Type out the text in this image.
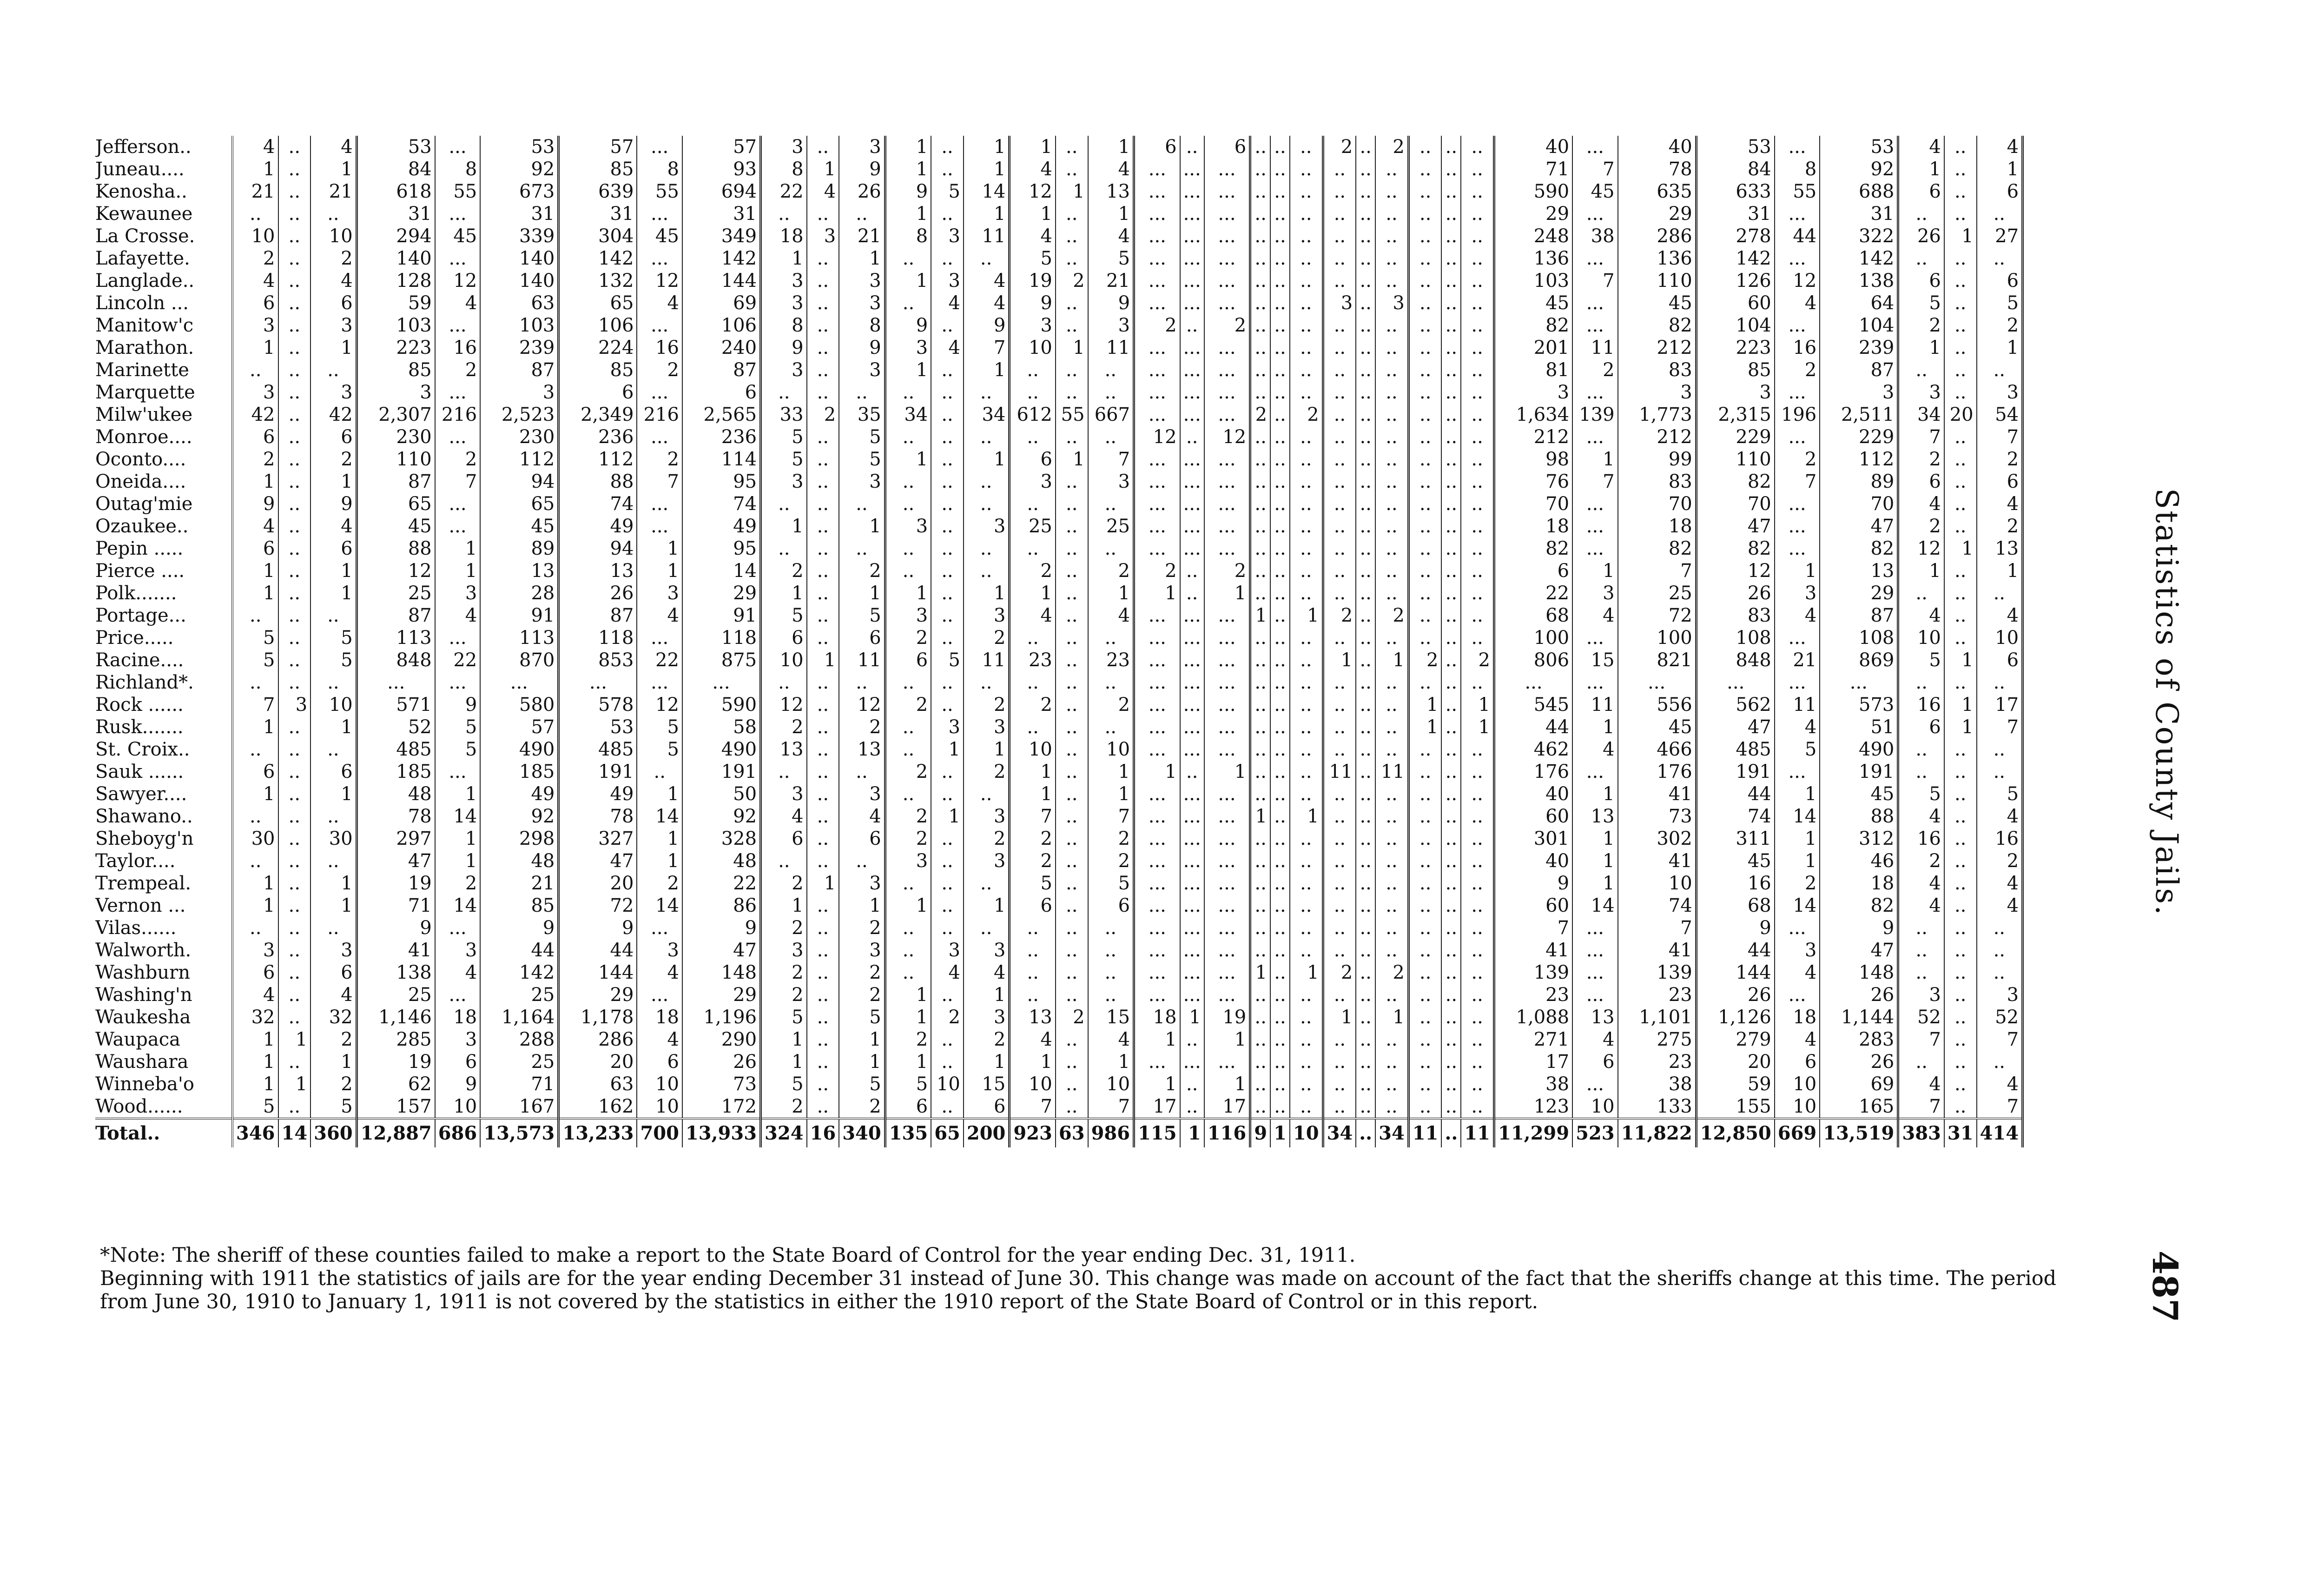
Jefferson..	4	..	4	53	...	53	57	...	57	3	..	3	1	..	1	1	..	1	6	..	6	..	..	..	2	..	2	..	..	..	40	...	40	53	...	53	4	..	4
Juneau....	1	..	1	84	8	92	85	8	93	8	1	9	1	..	1	4	..	4	...	...	...	..	..	..	..	..	..	..	..	..	71	7	78	84	8	92	1	..	1
Kenosha..	21	..	21	618	55	673	639	55	694	22	4	26	9	5	14	12	1	13	...	...	...	..	..	..	..	..	..	..	..	..	590	45	635	633	55	688	6	..	6
Kewaunee	..	..	..	31	...	31	31	...	31	..	..	..	1	..	1	1	..	1	...	...	...	..	..	..	..	..	..	..	..	..	29	...	29	31	...	31	..	..	..
La Crosse.	10	..	10	294	45	339	304	45	349	18	3	21	8	3	11	4	..	4	...	...	...	..	..	..	..	..	..	..	..	..	248	38	286	278	44	322	26	1	27
Lafayette.	2	..	2	140	...	140	142	...	142	1	..	1	..	..	..	5	..	5	...	...	...	..	..	..	..	..	..	..	..	..	136	...	136	142	...	142	..	..	..
Langlade..	4	..	4	128	12	140	132	12	144	3	..	3	1	3	4	19	2	21	...	...	...	..	..	..	..	..	..	..	..	..	103	7	110	126	12	138	6	..	6
Lincoln ...	6	..	6	59	4	63	65	4	69	3	..	3	..	4	4	9	..	9	...	...	...	..	..	..	3	..	3	..	..	..	45	...	45	60	4	64	5	..	5
Manitow'c	3	..	3	103	...	103	106	...	106	8	..	8	9	..	9	3	..	3	2	..	2	..	..	..	..	..	..	..	..	..	82	...	82	104	...	104	2	..	2
Marathon.	1	..	1	223	16	239	224	16	240	9	..	9	3	4	7	10	1	11	...	...	...	..	..	..	..	..	..	..	..	..	201	11	212	223	16	239	1	..	1
Marinette	..	..	..	85	2	87	85	2	87	3	..	3	1	..	1	..	..	..	...	...	...	..	..	..	..	..	..	..	..	..	81	2	83	85	2	87	..	..	..
Marquette	3	..	3	3	...	3	6	...	6	..	..	..	..	..	..	..	..	..	...	...	...	..	..	..	..	..	..	..	..	..	3	...	3	3	...	3	3	..	3
Milw'ukee	42	..	42	2,307	216	2,523	2,349	216	2,565	33	2	35	34	..	34	612	55	667	...	...	...	2	..	2	..	..	..	..	..	..	1,634	139	1,773	2,315	196	2,511	34	20	54
Monroe....	6	..	6	230	...	230	236	...	236	5	..	5	..	..	..	..	..	..	12	..	12	..	..	..	..	..	..	..	..	..	212	...	212	229	...	229	7	..	7
Oconto....	2	..	2	110	2	112	112	2	114	5	..	5	1	..	1	6	1	7	...	...	...	..	..	..	..	..	..	..	..	..	98	1	99	110	2	112	2	..	2
Oneida....	1	..	1	87	7	94	88	7	95	3	..	3	..	..	..	3	..	3	...	...	...	..	..	..	..	..	..	..	..	..	76	7	83	82	7	89	6	..	6
Outag'mie	9	..	9	65	...	65	74	...	74	..	..	..	..	..	..	..	..	..	...	...	...	..	..	..	..	..	..	..	..	..	70	...	70	70	...	70	4	..	4
Ozaukee..	4	..	4	45	...	45	49	...	49	1	..	1	3	..	3	25	..	25	...	...	...	..	..	..	..	..	..	..	..	..	18	...	18	47	...	47	2	..	2
Pepin .....	6	..	6	88	1	89	94	1	95	..	..	..	..	..	..	..	..	..	...	...	...	..	..	..	..	..	..	..	..	..	82	...	82	82	...	82	12	1	13
Pierce ....	1	..	1	12	1	13	13	1	14	2	..	2	..	..	..	2	..	2	2	..	2	..	..	..	..	..	..	..	..	..	6	1	7	12	1	13	1	..	1
Polk.......	1	..	1	25	3	28	26	3	29	1	..	1	1	..	1	1	..	1	1	..	1	..	..	..	..	..	..	..	..	..	22	3	25	26	3	29	..	..	..
Portage...	..	..	..	87	4	91	87	4	91	5	..	5	3	..	3	4	..	4	...	...	...	1	..	1	2	..	2	..	..	..	68	4	72	83	4	87	4	..	4
Price.....	5	..	5	113	...	113	118	...	118	6	..	6	2	..	2	..	..	..	...	...	...	..	..	..	..	..	..	..	..	..	100	...	100	108	...	108	10	..	10
Racine....	5	..	5	848	22	870	853	22	875	10	1	11	6	5	11	23	..	23	...	...	...	..	..	..	1	..	1	2	..	2	806	15	821	848	21	869	5	1	6
Richland*.	..	..	..	...	...	...	...	...	...	..	..	..	..	..	..	..	..	..	...	...	...	..	..	..	..	..	..	..	..	..	...	...	...	...	...	...	..	..	..
Rock ......	7	3	10	571	9	580	578	12	590	12	..	12	2	..	2	2	..	2	...	...	...	..	..	..	..	..	..	1	..	1	545	11	556	562	11	573	16	1	17
Rusk.......	1	..	1	52	5	57	53	5	58	2	..	2	..	3	3	..	..	..	...	...	...	..	..	..	..	..	..	1	..	1	44	1	45	47	4	51	6	1	7
St. Croix..	..	..	..	485	5	490	485	5	490	13	..	13	..	1	1	10	..	10	...	...	...	..	..	..	..	..	..	..	..	..	462	4	466	485	5	490	..	..	..
Sauk ......	6	..	6	185	...	185	191	..	191	..	..	..	2	..	2	1	..	1	1	..	1	..	..	..	11	..	11	..	..	..	176	...	176	191	...	191	..	..	..
Sawyer....	1	..	1	48	1	49	49	1	50	3	..	3	..	..	..	1	..	1	...	...	...	..	..	..	..	..	..	..	..	..	40	1	41	44	1	45	5	..	5
Shawano..	..	..	..	78	14	92	78	14	92	4	..	4	2	1	3	7	..	7	...	...	...	1	..	1	..	..	..	..	..	..	60	13	73	74	14	88	4	..	4
Sheboyg'n	30	..	30	297	1	298	327	1	328	6	..	6	2	..	2	2	..	2	...	...	...	..	..	..	..	..	..	..	..	..	301	1	302	311	1	312	16	..	16
Taylor....	..	..	..	47	1	48	47	1	48	..	..	..	3	..	3	2	..	2	...	...	...	..	..	..	..	..	..	..	..	..	40	1	41	45	1	46	2	..	2
Trempeal.	1	..	1	19	2	21	20	2	22	2	1	3	..	..	..	5	..	5	...	...	...	..	..	..	..	..	..	..	..	..	9	1	10	16	2	18	4	..	4
Vernon ...	1	..	1	71	14	85	72	14	86	1	..	1	1	..	1	6	..	6	...	...	...	..	..	..	..	..	..	..	..	..	60	14	74	68	14	82	4	..	4
Vilas......	..	..	..	9	...	9	9	...	9	2	..	2	..	..	..	..	..	..	...	...	...	..	..	..	..	..	..	..	..	..	7	...	7	9	...	9	..	..	..
Walworth.	3	..	3	41	3	44	44	3	47	3	..	3	..	3	3	..	..	..	...	...	...	..	..	..	..	..	..	..	..	..	41	...	41	44	3	47	..	..	..
Washburn	6	..	6	138	4	142	144	4	148	2	..	2	..	4	4	..	..	..	...	...	...	1	..	1	2	..	2	..	..	..	139	...	139	144	4	148	..	..	..
Washing'n	4	..	4	25	...	25	29	...	29	2	..	2	1	..	1	..	..	..	...	...	...	..	..	..	..	..	..	..	..	..	23	...	23	26	...	26	3	..	3
Waukesha	32	..	32	1,146	18	1,164	1,178	18	1,196	5	..	5	1	2	3	13	2	15	18	1	19	..	..	..	1	..	1	..	..	..	1,088	13	1,101	1,126	18	1,144	52	..	52
Waupaca	1	1	2	285	3	288	286	4	290	1	..	1	2	..	2	4	..	4	1	..	1	..	..	..	..	..	..	..	..	..	271	4	275	279	4	283	7	..	7
Waushara	1	..	1	19	6	25	20	6	26	1	..	1	1	..	1	1	..	1	...	...	...	..	..	..	..	..	..	..	..	..	17	6	23	20	6	26	..	..	..
Winneba'o	1	1	2	62	9	71	63	10	73	5	..	5	5	10	15	10	..	10	1	..	1	..	..	..	..	..	..	..	..	..	38	...	38	59	10	69	4	..	4
Wood......	5	..	5	157	10	167	162	10	172	2	..	2	6	..	6	7	..	7	17	..	17	..	..	..	..	..	..	..	..	..	123	10	133	155	10	165	7	..	7
Total..	346	14	360	12,887	686	13,573	13,233	700	13,933	324	16	340	135	65	200	923	63	986	115	1	116	9	1	10	34	..	34	11	..	11	11,299	523	11,822	12,850	669	13,519	383	31	414

*Note: The sheriff of these counties failed to make a report to the State Board of Control for the year ending Dec. 31, 1911.

Beginning with 1911 the statistics of jails are for the year ending December 31 instead of June 30. This change was made on account of the fact that the sheriffs change at this time. The period from June 30, 1910 to January 1, 1911 is not covered by the statistics in either the 1910 report of the State Board of Control or in this report.

Statistics of County Jails.
487
